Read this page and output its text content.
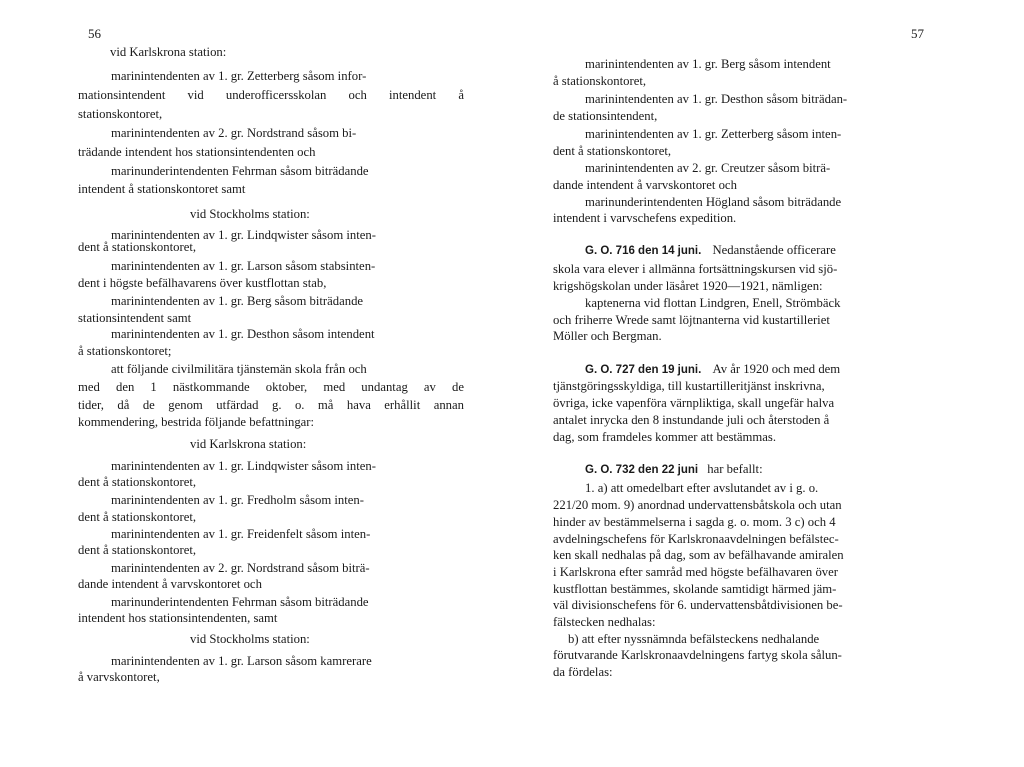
56	57
vid Karlskrona station:
marinintendenten av 1. gr. Zetterberg såsom infor-
mationsintendent vid underofficersskolan och intendent å
stationskontoret,
marinintendenten av 2. gr. Nordstrand såsom bi-
trädande intendent hos stationsintendenten och
marinunderintendenten Fehrman såsom biträdande
intendent å stationskontoret samt
vid Stockholms station:
marinintendenten av 1. gr. Lindqwister såsom inten-
dent å stationskontoret,
marinintendenten av 1. gr. Larson såsom stabsinten-
dent i högste befälhavarens över kustflottan stab,
marinintendenten av 1. gr. Berg såsom biträdande
stationsintendent samt
marinintendenten av 1. gr. Desthon såsom intendent
å stationskontoret;
att följande civilmilitära tjänstemän skola från och
med den 1 nästkommande oktober, med undantag av de
tider, då de genom utfärdad g. o. må hava erhållit annan
kommendering, bestrida följande befattningar:
vid Karlskrona station:
marinintendenten av 1. gr. Lindqwister såsom inten-
dent å stationskontoret,
marinintendenten av 1. gr. Fredholm såsom inten-
dent å stationskontoret,
marinintendenten av 1. gr. Freidenfelt såsom inten-
dent å stationskontoret,
marinintendenten av 2. gr. Nordstrand såsom biträ-
dande intendent å varvskontoret och
marinunderintendenten Fehrman såsom biträdande
intendent hos stationsintendenten, samt
vid Stockholms station:
marinintendenten av 1. gr. Larson såsom kamrerare
å varvskontoret,
marinintendenten av 1. gr. Berg såsom intendent
å stationskontoret,
marinintendenten av 1. gr. Desthon såsom biträdan-
de stationsintendent,
marinintendenten av 1. gr. Zetterberg såsom inten-
dent å stationskontoret,
marinintendenten av 2. gr. Creutzer såsom biträ-
dande intendent å varvskontoret och
marinunderintendenten Högland såsom biträdande
intendent i varvschefens expedition.
G. O. 716 den 14 juni. Nedanstående officerare
skola vara elever i allmänna fortsättningskursen vid sjö-
krigshögskolan under läsåret 1920—1921, nämligen:
kaptenerna vid flottan Lindgren, Enell, Strömbäck
och friherre Wrede samt löjtnanterna vid kustartilleriet
Möller och Bergman.
G. O. 727 den 19 juni. Av år 1920 och med dem
tjänstgöringsskyldiga, till kustartilleritjänst inskrivna,
övriga, icke vapenföra värnpliktiga, skall ungefär halva
antalet inrycka den 8 instundande juli och återstoden å
dag, som framdeles kommer att bestämmas.
G. O. 732 den 22 juni har befallt:
1. a) att omedelbart efter avslutandet av i g. o.
221/20 mom. 9) anordnad undervattensbåtskola och utan
hinder av bestämmelserna i sagda g. o. mom. 3 c) och 4
avdelningschefens för Karlskronaavdelningen befälstec-
ken skall nedhalas på dag, som av befälhavande amiralen
i Karlskrona efter samråd med högste befälhavaren över
kustflottan bestämmes, skolande samtidigt härmed jäm-
väl divisionschefens för 6. undervattensbåtdivisionen be-
fälstecken nedhalas:
b) att efter nyssnämnda befälsteckens nedhalande
förutvarande Karlskronaavdelningens fartyg skola sålun-
da fördelas:
